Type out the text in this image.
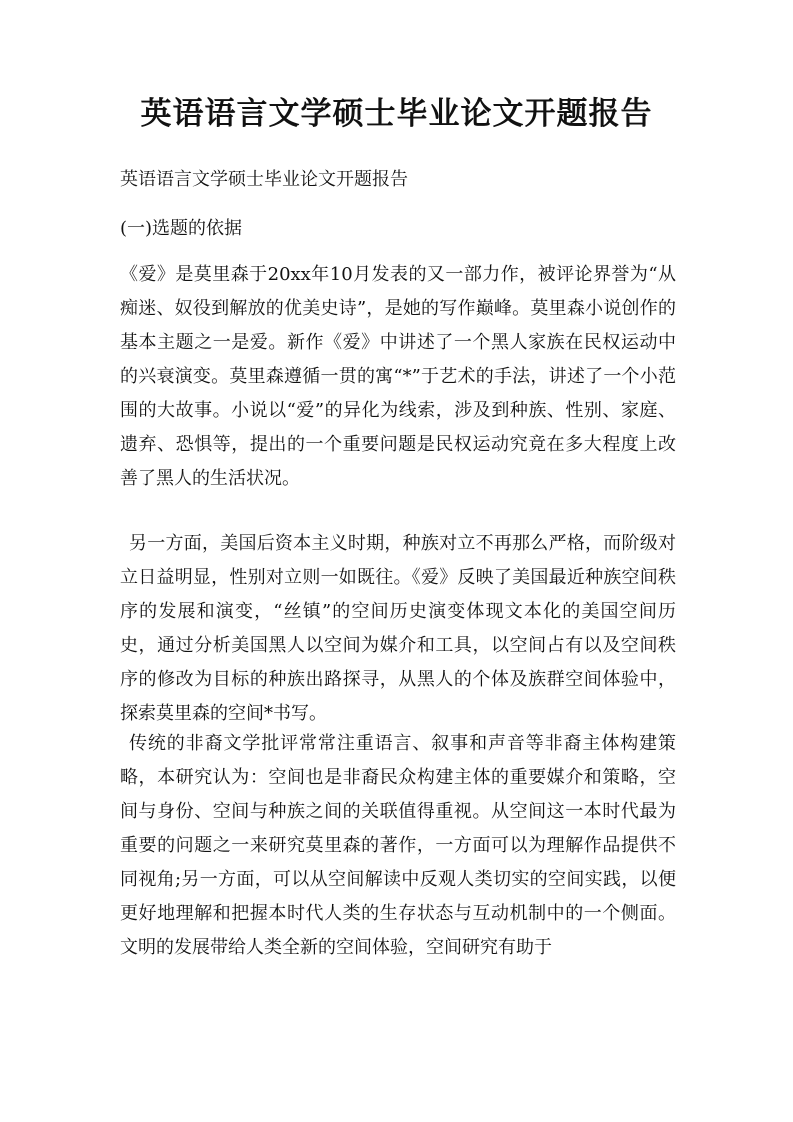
英语语言文学硕士毕业论文开题报告

英语语言文学硕士毕业论文开题报告

(一)选题的依据

《爱》是莫里森于20xx年10月发表的又一部力作，被评论界誉为“从痴迷、奴役到解放的优美史诗”，是她的写作巅峰。莫里森小说创作的基本主题之一是爱。新作《爱》中讲述了一个黑人家族在民权运动中的兴衰演变。莫里森遵循一贯的寓“*”于艺术的手法，讲述了一个小范围的大故事。小说以“爱”的异化为线索，涉及到种族、性别、家庭、遗弃、恐惧等，提出的一个重要问题是民权运动究竟在多大程度上改善了黑人的生活状况。

另一方面，美国后资本主义时期，种族对立不再那么严格，而阶级对立日益明显，性别对立则一如既往。《爱》反映了美国最近种族空间秩序的发展和演变，“丝镇”的空间历史演变体现文本化的美国空间历史，通过分析美国黑人以空间为媒介和工具，以空间占有以及空间秩序的修改为目标的种族出路探寻，从黑人的个体及族群空间体验中，探索莫里森的空间*书写。

传统的非裔文学批评常常注重语言、叙事和声音等非裔主体构建策略，本研究认为：空间也是非裔民众构建主体的重要媒介和策略，空间与身份、空间与种族之间的关联值得重视。从空间这一本时代最为重要的问题之一来研究莫里森的著作，一方面可以为理解作品提供不同视角;另一方面，可以从空间解读中反观人类切实的空间实践，以便更好地理解和把握本时代人类的生存状态与互动机制中的一个侧面。文明的发展带给人类全新的空间体验，空间研究有助于
